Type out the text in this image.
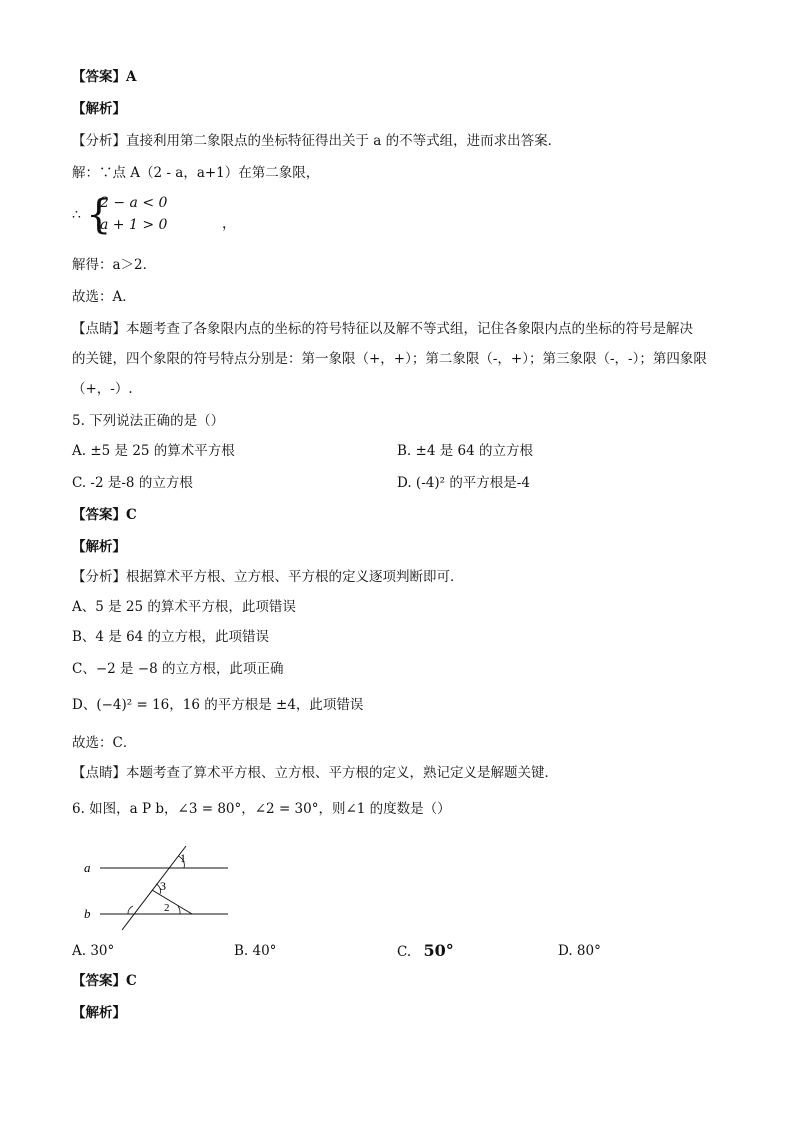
【答案】A
【解析】
【分析】直接利用第二象限点的坐标特征得出关于 a 的不等式组，进而求出答案．
解：∵点 A（2 - a，a+1）在第二象限，
∴ {
2 − a < 0
a + 1 > 0	，
解得：a＞2．
故选：A．
【点睛】本题考查了各象限内点的坐标的符号特征以及解不等式组，记住各象限内点的坐标的符号是解决
的关键，四个象限的符号特点分别是：第一象限（+，+）；第二象限（-，+）；第三象限（-，-）；第四象限
（+，-）.
5. 下列说法正确的是（）
A. ±5 是 25 的算术平方根	B. ±4 是 64 的立方根
C. -2 是-8 的立方根	D. (-4)² 的平方根是-4
【答案】C
【解析】
【分析】根据算术平方根、立方根、平方根的定义逐项判断即可．
A、5 是 25 的算术平方根，此项错误
B、4 是 64 的立方根，此项错误
C、−2 是 −8 的立方根，此项正确
D、(−4)² = 16，16 的平方根是 ±4，此项错误
故选：C．
【点睛】本题考查了算术平方根、立方根、平方根的定义，熟记定义是解题关键．
6. 如图，a P b，∠3 = 80°，∠2 = 30°，则∠1 的度数是（）
a
b
1
3
2
A. 30°	B. 40°	C. 50°	D. 80°
【答案】C
【解析】
